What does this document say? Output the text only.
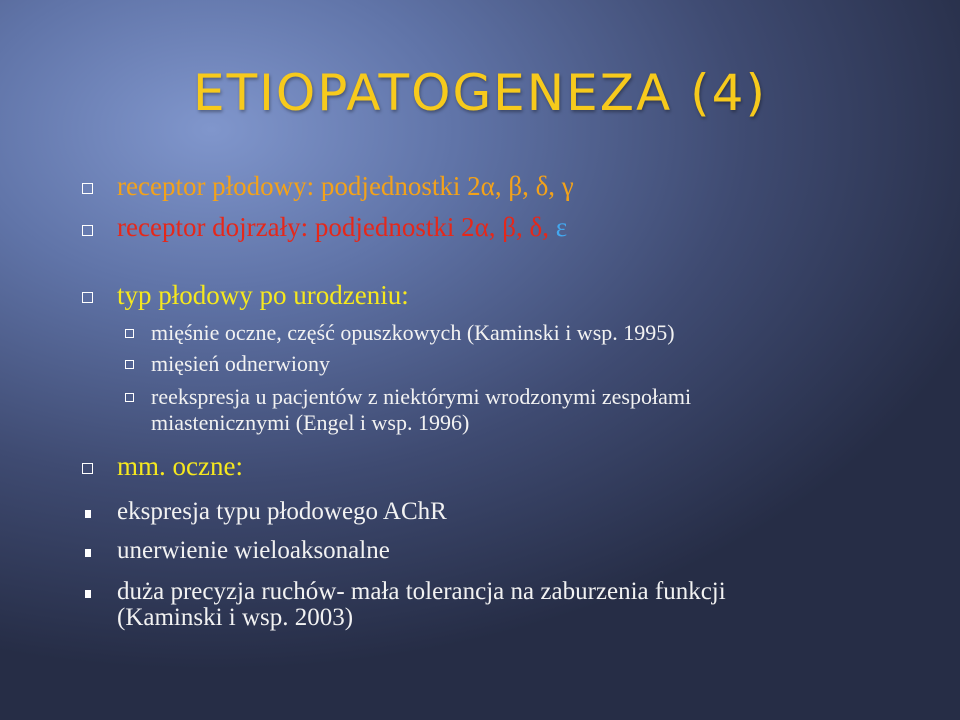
ETIOPATOGENEZA (4)
receptor płodowy: podjednostki 2α, β, δ, γ
receptor dojrzały: podjednostki 2α, β, δ, ε
typ płodowy po urodzeniu:
mięśnie oczne, część opuszkowych (Kaminski i wsp. 1995)
mięsień odnerwiony
reekspresja u pacjentów z niektórymi wrodzonymi zespołami
miastenicznymi (Engel i wsp. 1996)
mm. oczne:
ekspresja typu płodowego AChR
unerwienie wieloaksonalne
duża precyzja ruchów- mała tolerancja na zaburzenia funkcji
(Kaminski i wsp. 2003)
